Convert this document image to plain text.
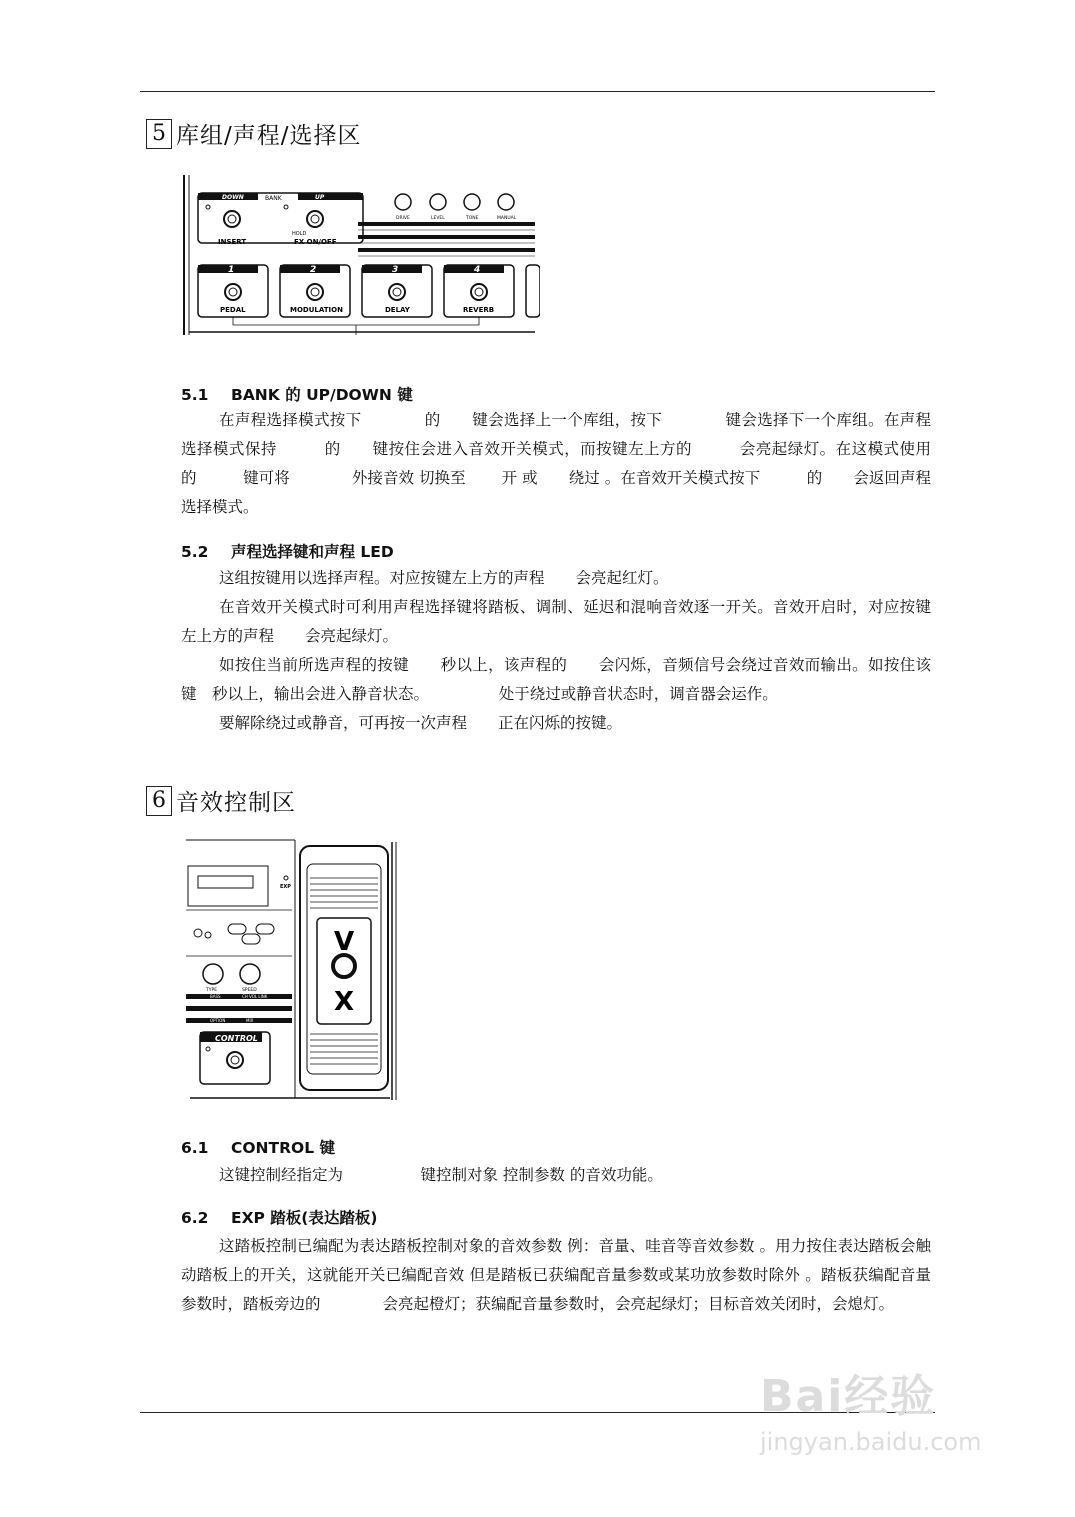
5 库组/声程/选择区
BANK
DOWN	UP
HOLD
INSERT	FX ON/OFF
DRIVE	LEVEL	TONE	MANUAL
1
PEDAL
2
MODULATION
3
DELAY
4
REVERB
5.1 BANK 的 UP/DOWN 键

在声程选择模式按下　　　　的　　键会选择上一个库组，按下　　　　键会选择下一个库组。在声程选择模式保持　　　的　　键按住会进入音效开关模式，而按键左上方的　　　会亮起绿灯。在这模式使用　　　的　　　键可将　　　　外接音效 切换至　　 开 或　　绕过 。在音效开关模式按下　　　的　　会返回声程选择模式。

5.2 声程选择键和声程 LED

这组按键用以选择声程。对应按键左上方的声程　　会亮起红灯。

在音效开关模式时可利用声程选择键将踏板、调制、延迟和混响音效逐一开关。音效开启时，对应按键左上方的声程　　会亮起绿灯。

如按住当前所选声程的按键　　秒以上，该声程的　　会闪烁，音频信号会绕过音效而输出。如按住该键　秒以上，输出会进入静音状态。　　　　　处于绕过或静音状态时，调音器会运作。

要解除绕过或静音，可再按一次声程　　正在闪烁的按键。

6 音效控制区
TYPE	SPEED
BASS	CH VOL LINK
OPTION	MIX
CONTROL
EXP
V
X
6.1 CONTROL 键

这键控制经指定为　　　　　键控制对象 控制参数 的音效功能。

6.2 EXP 踏板(表达踏板)

这踏板控制已编配为表达踏板控制对象的音效参数 例：音量、哇音等音效参数 。用力按住表达踏板会触动踏板上的开关，这就能开关已编配音效 但是踏板已获编配音量参数或某功放参数时除外 。踏板获编配音量参数时，踏板旁边的　　　　会亮起橙灯；获编配音量参数时，会亮起绿灯；目标音效关闭时，会熄灯。

Bai经验
jingyan.baidu.com
